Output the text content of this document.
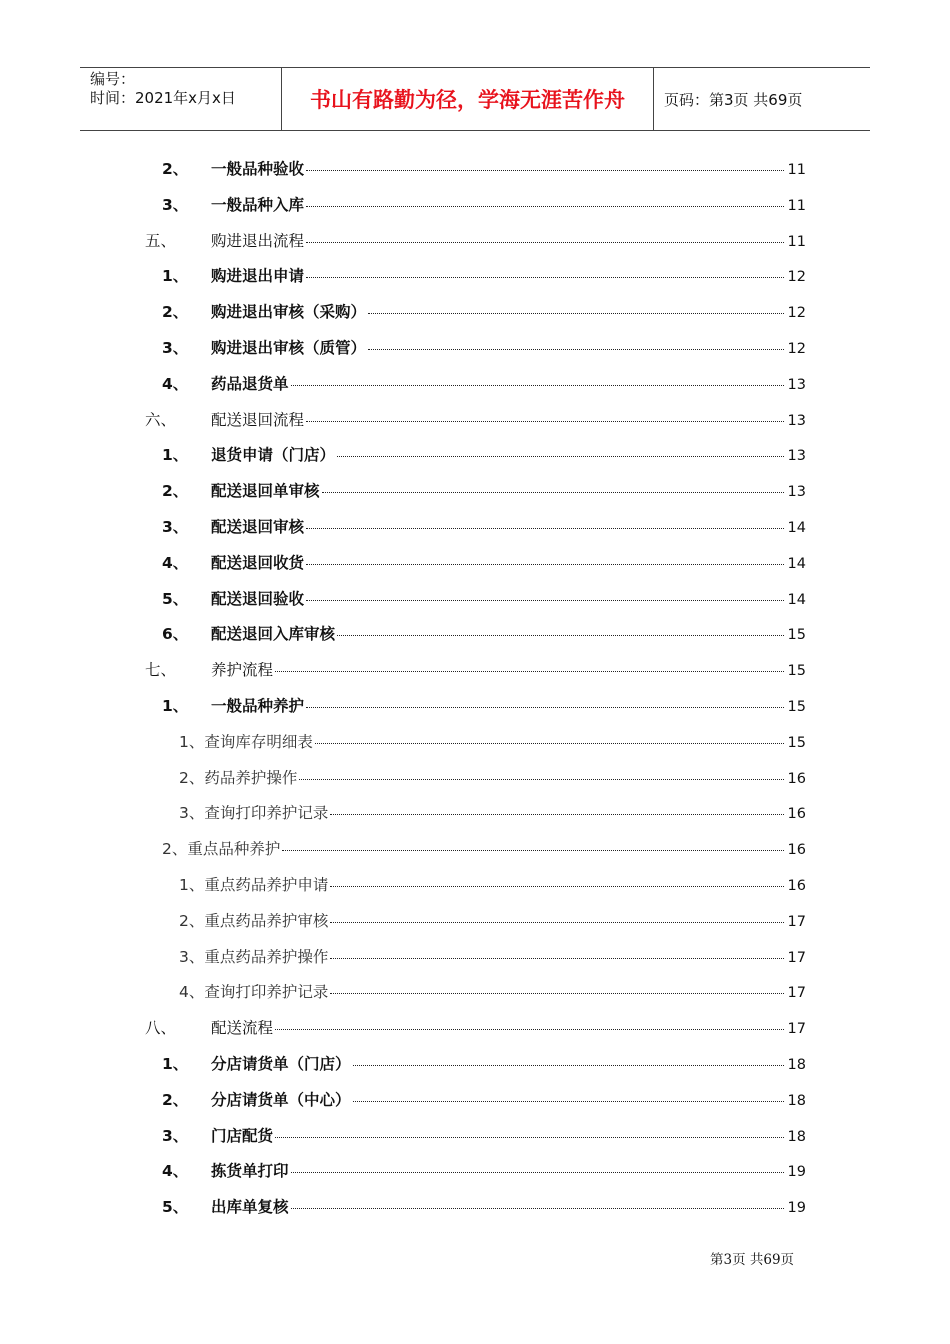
编号：
时间：2021年x月x日	书山有路勤为径，学海无涯苦作舟	页码：第3页 共69页
2、 一般品种验收	11
3、 一般品种入库	11
五、 购进退出流程	11
1、 购进退出申请	12
2、 购进退出审核（采购）	12
3、 购进退出审核（质管）	12
4、 药品退货单	13
六、 配送退回流程	13
1、 退货申请（门店）	13
2、 配送退回单审核	13
3、 配送退回审核	14
4、 配送退回收货	14
5、 配送退回验收	14
6、 配送退回入库审核	15
七、 养护流程	15
1、 一般品种养护	15
1、查询库存明细表	15
2、药品养护操作	16
3、查询打印养护记录	16
2、重点品种养护	16
1、重点药品养护申请	16
2、重点药品养护审核	17
3、重点药品养护操作	17
4、查询打印养护记录	17
八、 配送流程	17
1、 分店请货单（门店）	18
2、 分店请货单（中心）	18
3、 门店配货	18
4、 拣货单打印	19
5、 出库单复核	19
第3页 共69页
